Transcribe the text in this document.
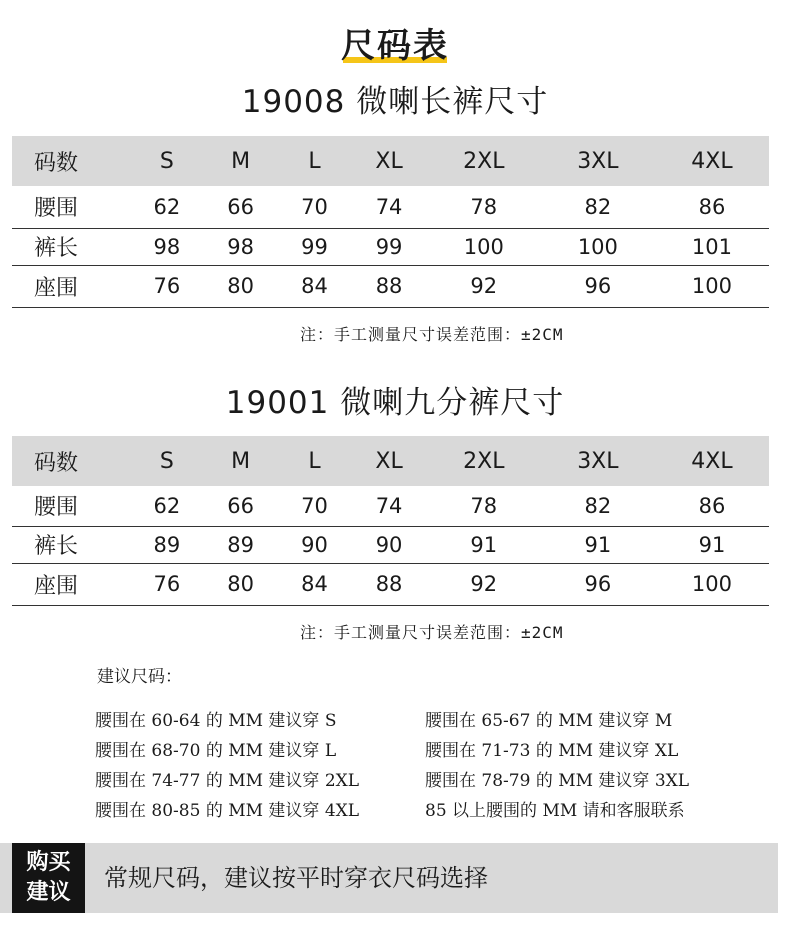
尺码表
19008 微喇长裤尺寸
码数	S	M	L	XL	2XL	3XL	4XL
腰围	62	66	70	74	78	82	86
裤长	98	98	99	99	100	100	101
座围	76	80	84	88	92	96	100
注：手工测量尺寸误差范围：±2CM
19001 微喇九分裤尺寸
码数	S	M	L	XL	2XL	3XL	4XL
腰围	62	66	70	74	78	82	86
裤长	89	89	90	90	91	91	91
座围	76	80	84	88	92	96	100
注：手工测量尺寸误差范围：±2CM
建议尺码：
腰围在 60-64 的 MM 建议穿 S	腰围在 65-67 的 MM 建议穿 M
腰围在 68-70 的 MM 建议穿 L	腰围在 71-73 的 MM 建议穿 XL
腰围在 74-77 的 MM 建议穿 2XL	腰围在 78-79 的 MM 建议穿 3XL
腰围在 80-85 的 MM 建议穿 4XL	85 以上腰围的 MM 请和客服联系
购买
建议
常规尺码，建议按平时穿衣尺码选择
